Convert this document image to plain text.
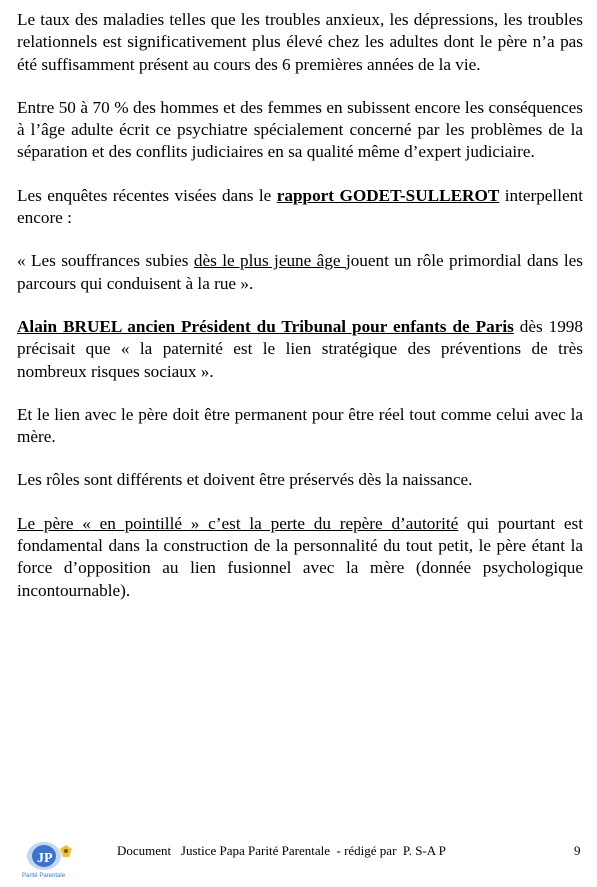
Le taux des maladies telles que les troubles anxieux, les dépressions, les troubles relationnels est significativement plus élevé chez les adultes dont le père n’a pas été suffisamment présent au cours des 6 premières années de la vie.

Entre 50 à 70 % des hommes et des femmes en subissent encore les conséquences à l’âge adulte écrit ce psychiatre spécialement concerné par les problèmes de la séparation et des conflits judiciaires en sa qualité même d’expert judiciaire.

Les enquêtes récentes visées dans le rapport GODET-SULLEROT interpellent encore :

« Les souffrances subies dès le plus jeune âge jouent un rôle primordial dans les parcours qui conduisent à la rue ».

Alain BRUEL ancien Président du Tribunal pour enfants de Paris dès 1998 précisait que « la paternité est le lien stratégique des préventions de très nombreux risques sociaux ».

Et le lien avec le père doit être permanent pour être réel tout comme celui avec la mère.

Les rôles sont différents et doivent être préservés dès la naissance.

Le père « en pointillé » c’est la perte du repère d’autorité qui pourtant est fondamental dans la construction de la personnalité du tout petit, le père étant la force d’opposition au lien fusionnel avec la mère (donnée psychologique incontournable).

JP
Parité Parentale
Document   Justice Papa Parité Parentale  - rédigé par  P. S-A P	9
